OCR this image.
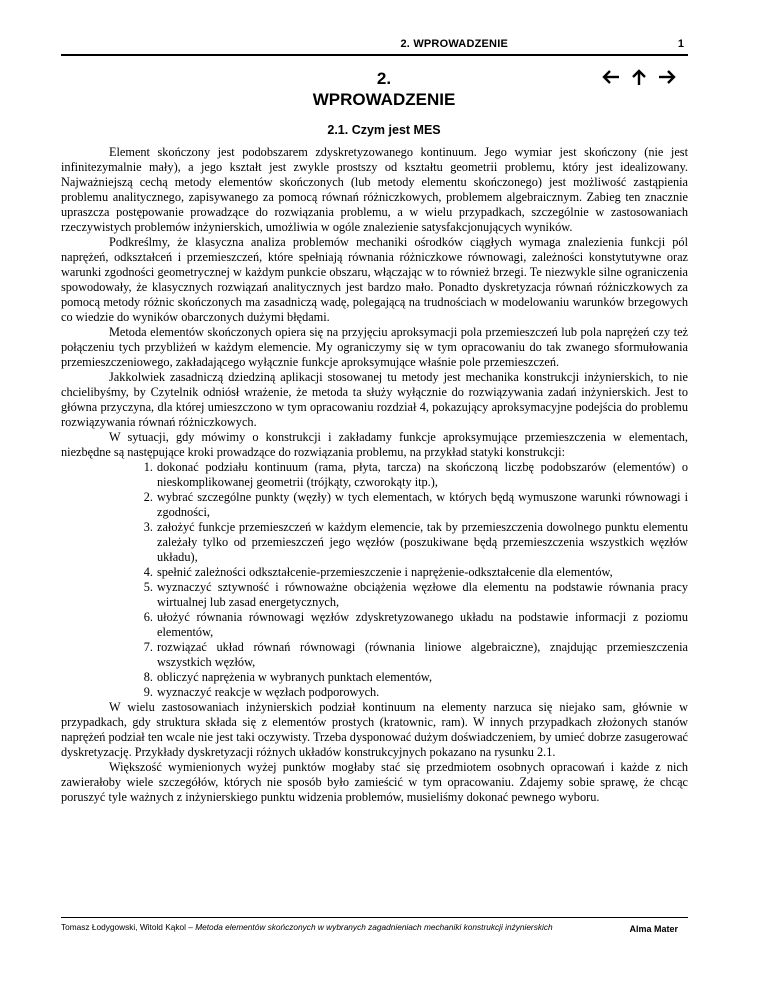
2. WPROWADZENIE	1
2.
WPROWADZENIE
2.1. Czym jest MES

Element skończony jest podobszarem zdyskretyzowanego kontinuum. Jego wymiar jest skończony (nie jest infinitezymalnie mały), a jego kształt jest zwykle prostszy od kształtu geometrii problemu, który jest idealizowany. Najważniejszą cechą metody elementów skończonych (lub metody elementu skończonego) jest możliwość zastąpienia problemu analitycznego, zapisywanego za pomocą równań różniczkowych, problemem algebraicznym. Zabieg ten znacznie upraszcza postępowanie prowadzące do rozwiązania problemu, a w wielu przypadkach, szczególnie w zastosowaniach rzeczywistych problemów inżynierskich, umożliwia w ogóle znalezienie satysfakcjonujących wyników.

Podkreślmy, że klasyczna analiza problemów mechaniki ośrodków ciągłych wymaga znalezienia funkcji pól naprężeń, odkształceń i przemieszczeń, które spełniają równania różniczkowe równowagi, zależności konstytutywne oraz warunki zgodności geometrycznej w każdym punkcie obszaru, włączając w to również brzegi. Te niezwykle silne ograniczenia spowodowały, że klasycznych rozwiązań analitycznych jest bardzo mało. Ponadto dyskretyzacja równań różniczkowych za pomocą metody różnic skończonych ma zasadniczą wadę, polegającą na trudnościach w modelowaniu warunków brzegowych co wiedzie do wyników obarczonych dużymi błędami.

Metoda elementów skończonych opiera się na przyjęciu aproksymacji pola przemieszczeń lub pola naprężeń czy też połączeniu tych przybliżeń w każdym elemencie. My ograniczymy się w tym opracowaniu do tak zwanego sformułowania przemieszczeniowego, zakładającego wyłącznie funkcje aproksymujące właśnie pole przemieszczeń.

Jakkolwiek zasadniczą dziedziną aplikacji stosowanej tu metody jest mechanika konstrukcji inżynierskich, to nie chcielibyśmy, by Czytelnik odniósł wrażenie, że metoda ta służy wyłącznie do rozwiązywania zadań inżynierskich. Jest to główna przyczyna, dla której umieszczono w tym opracowaniu rozdział 4, pokazujący aproksymacyjne podejścia do problemu rozwiązywania równań różniczkowych.

W sytuacji, gdy mówimy o konstrukcji i zakładamy funkcje aproksymujące przemieszczenia w elementach, niezbędne są następujące kroki prowadzące do rozwiązania problemu, na przykład statyki konstrukcji:

1. dokonać podziału kontinuum (rama, płyta, tarcza) na skończoną liczbę podobszarów (elementów) o nieskomplikowanej geometrii (trójkąty, czworokąty itp.),
2. wybrać szczególne punkty (węzły) w tych elementach, w których będą wymuszone warunki równowagi i zgodności,
3. założyć funkcje przemieszczeń w każdym elemencie, tak by przemieszczenia dowolnego punktu elementu zależały tylko od przemieszczeń jego węzłów (poszukiwane będą przemieszczenia wszystkich węzłów układu),
4. spełnić zależności odkształcenie-przemieszczenie i naprężenie-odkształcenie dla elementów,
5. wyznaczyć sztywność i równoważne obciążenia węzłowe dla elementu na podstawie równania pracy wirtualnej lub zasad energetycznych,
6. ułożyć równania równowagi węzłów zdyskretyzowanego układu na podstawie informacji z poziomu elementów,
7. rozwiązać układ równań równowagi (równania liniowe algebraiczne), znajdując przemieszczenia wszystkich węzłów,
8. obliczyć naprężenia w wybranych punktach elementów,
9. wyznaczyć reakcje w węzłach podporowych.

W wielu zastosowaniach inżynierskich podział kontinuum na elementy narzuca się niejako sam, głównie w przypadkach, gdy struktura składa się z elementów prostych (kratownic, ram). W innych przypadkach złożonych stanów naprężeń podział ten wcale nie jest taki oczywisty. Trzeba dysponować dużym doświadczeniem, by umieć dobrze zasugerować dyskretyzację. Przykłady dyskretyzacji różnych układów konstrukcyjnych pokazano na rysunku 2.1.

Większość wymienionych wyżej punktów mogłaby stać się przedmiotem osobnych opracowań i każde z nich zawierałoby wiele szczegółów, których nie sposób było zamieścić w tym opracowaniu. Zdajemy sobie sprawę, że chcąc poruszyć tyle ważnych z inżynierskiego punktu widzenia problemów, musieliśmy dokonać pewnego wyboru.

Tomasz Łodygowski, Witold Kąkol – Metoda elementów skończonych w wybranych zagadnieniach mechaniki konstrukcji inżynierskich	Alma Mater
